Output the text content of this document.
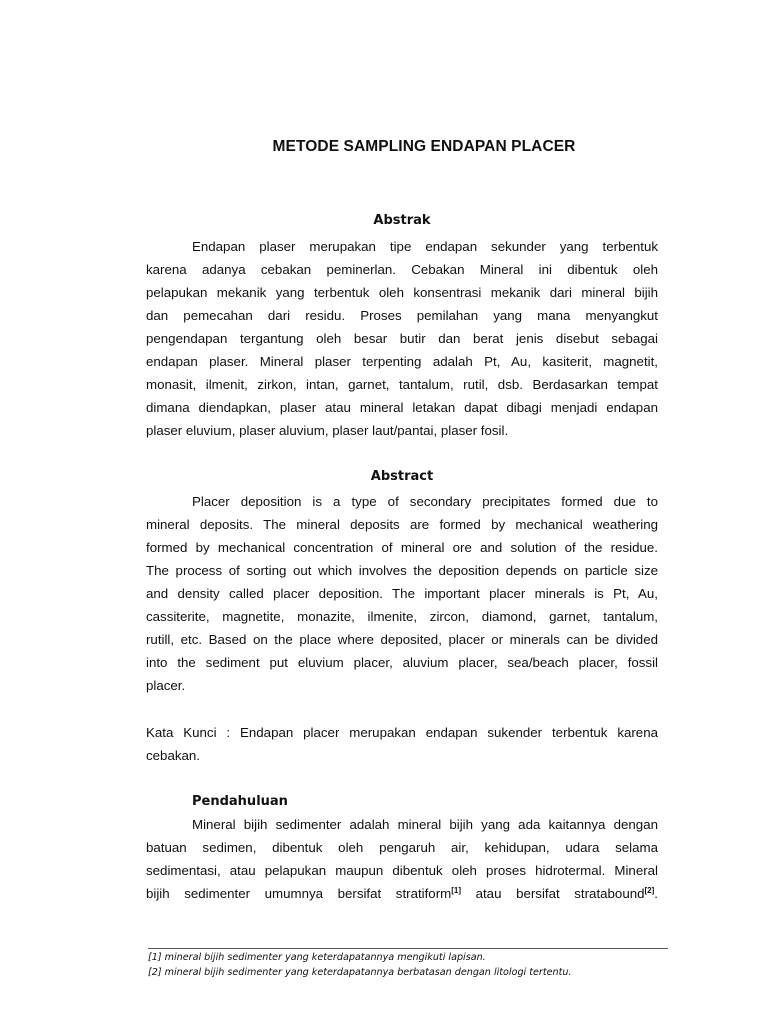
METODE SAMPLING ENDAPAN PLACER
Abstrak
Endapan plaser merupakan tipe endapan sekunder yang terbentuk
karena adanya cebakan peminerlan. Cebakan Mineral ini dibentuk oleh
pelapukan mekanik yang terbentuk oleh konsentrasi mekanik dari mineral bijih
dan pemecahan dari residu. Proses pemilahan yang mana menyangkut
pengendapan tergantung oleh besar butir dan berat jenis disebut sebagai
endapan plaser. Mineral plaser terpenting adalah Pt, Au, kasiterit, magnetit,
monasit, ilmenit, zirkon, intan, garnet, tantalum, rutil, dsb. Berdasarkan tempat
dimana diendapkan, plaser atau mineral letakan dapat dibagi menjadi endapan
plaser eluvium, plaser aluvium, plaser laut/pantai, plaser fosil.
Abstract
Placer deposition is a type of secondary precipitates formed due to
mineral deposits. The mineral deposits are formed by mechanical weathering
formed by mechanical concentration of mineral ore and solution of the residue.
The process of sorting out which involves the deposition depends on particle size
and density called placer deposition. The important placer minerals is Pt, Au,
cassiterite, magnetite, monazite, ilmenite, zircon, diamond, garnet, tantalum,
rutill, etc. Based on the place where deposited, placer or minerals can be divided
into the sediment put eluvium placer, aluvium placer, sea/beach placer, fossil
placer.
Kata Kunci : Endapan placer merupakan endapan sukender terbentuk karena
cebakan.
Pendahuluan
Mineral bijih sedimenter adalah mineral bijih yang ada kaitannya dengan
batuan sedimen, dibentuk oleh pengaruh air, kehidupan, udara selama
sedimentasi, atau pelapukan maupun dibentuk oleh proses hidrotermal. Mineral
bijih sedimenter umumnya bersifat stratiform[1] atau bersifat stratabound[2].
[1] mineral bijih sedimenter yang keterdapatannya mengikuti lapisan.
[2] mineral bijih sedimenter yang keterdapatannya berbatasan dengan litologi tertentu.
